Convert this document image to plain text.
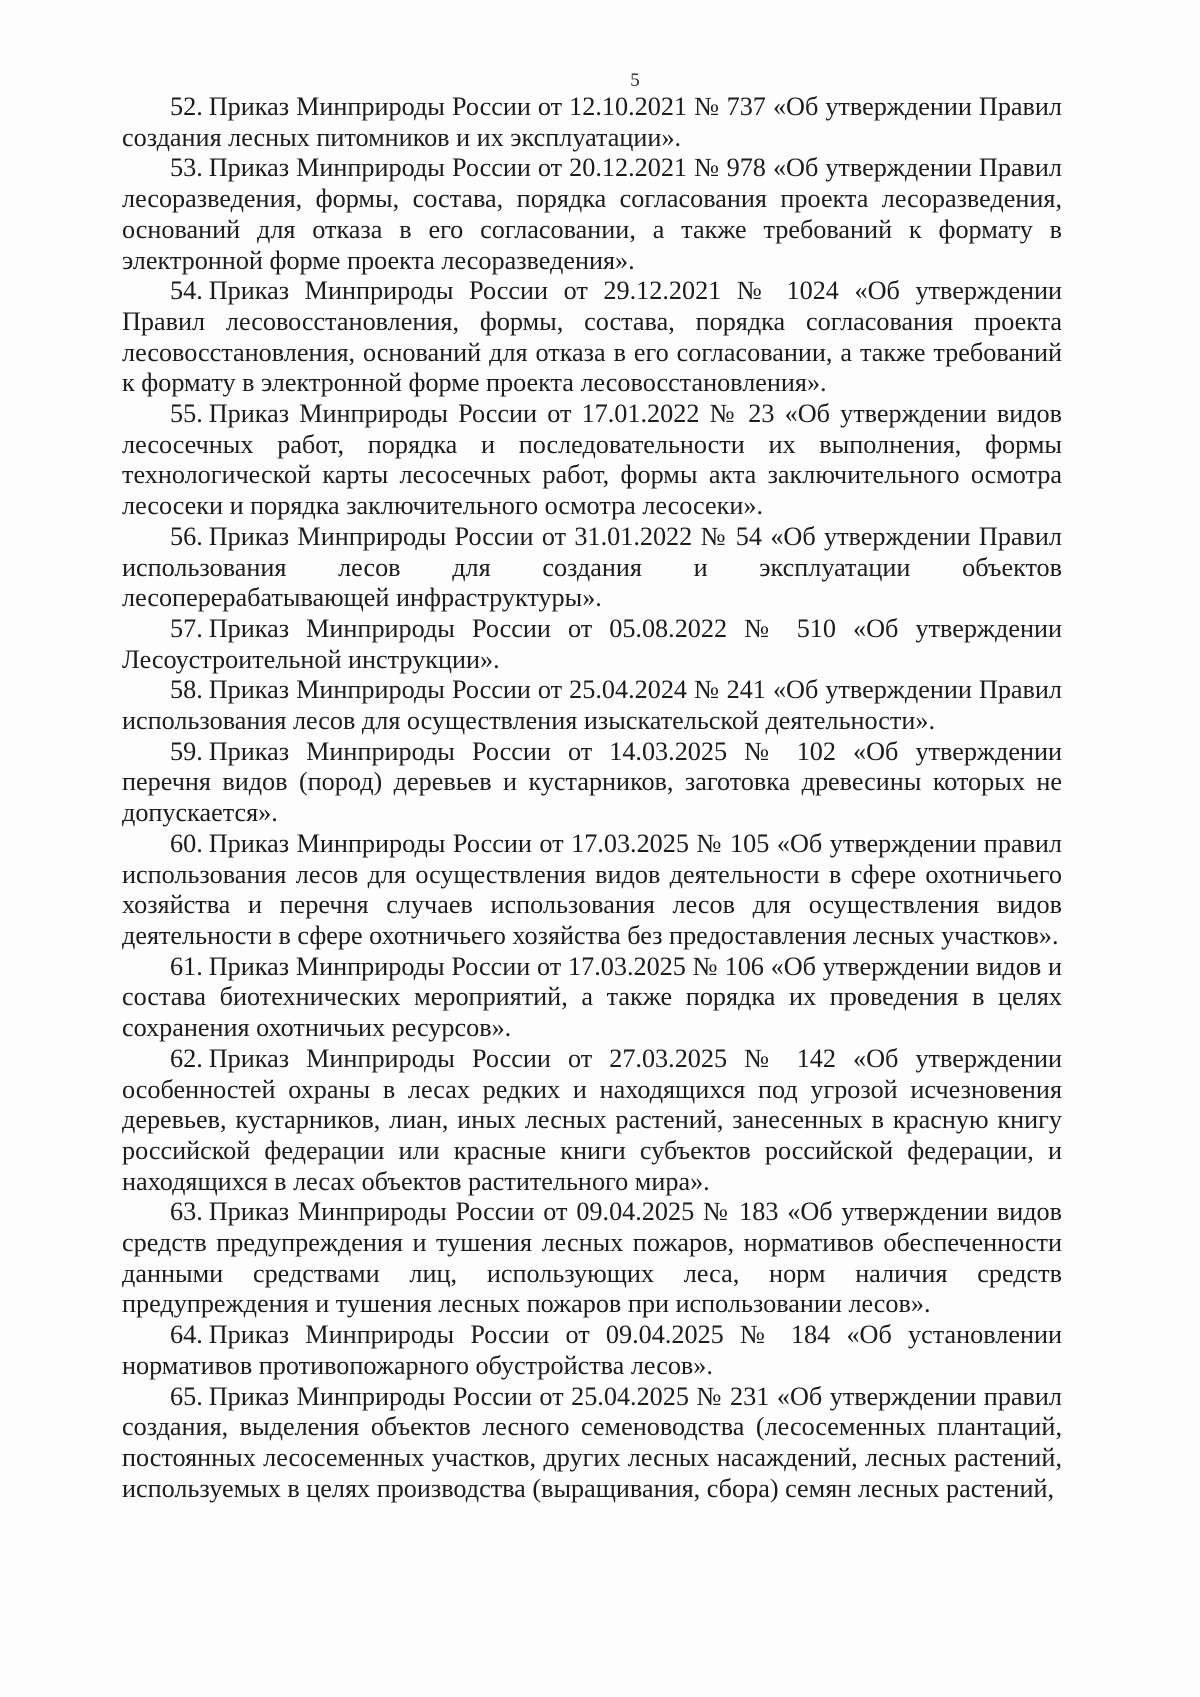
5

52. Приказ Минприроды России от 12.10.2021 № 737 «Об утверждении Правил создания лесных питомников и их эксплуатации».

53. Приказ Минприроды России от 20.12.2021 № 978 «Об утверждении Правил лесоразведения, формы, состава, порядка согласования проекта лесоразведения, оснований для отказа в его согласовании, а также требований к формату в электронной форме проекта лесоразведения».

54. Приказ Минприроды России от 29.12.2021 № 1024 «Об утверждении Правил лесовосстановления, формы, состава, порядка согласования проекта лесовосстановления, оснований для отказа в его согласовании, а также требований к формату в электронной форме проекта лесовосстановления».

55. Приказ Минприроды России от 17.01.2022 № 23 «Об утверждении видов лесосечных работ, порядка и последовательности их выполнения, формы технологической карты лесосечных работ, формы акта заключительного осмотра лесосеки и порядка заключительного осмотра лесосеки».

56. Приказ Минприроды России от 31.01.2022 № 54 «Об утверждении Правил использования лесов для создания и эксплуатации объектов лесоперерабатывающей инфраструктуры».

57. Приказ Минприроды России от 05.08.2022 № 510 «Об утверждении Лесоустроительной инструкции».

58. Приказ Минприроды России от 25.04.2024 № 241 «Об утверждении Правил использования лесов для осуществления изыскательской деятельности».

59. Приказ Минприроды России от 14.03.2025 № 102 «Об утверждении перечня видов (пород) деревьев и кустарников, заготовка древесины которых не допускается».

60. Приказ Минприроды России от 17.03.2025 № 105 «Об утверждении правил использования лесов для осуществления видов деятельности в сфере охотничьего хозяйства и перечня случаев использования лесов для осуществления видов деятельности в сфере охотничьего хозяйства без предоставления лесных участков».

61. Приказ Минприроды России от 17.03.2025 № 106 «Об утверждении видов и состава биотехнических мероприятий, а также порядка их проведения в целях сохранения охотничьих ресурсов».

62. Приказ Минприроды России от 27.03.2025 № 142 «Об утверждении особенностей охраны в лесах редких и находящихся под угрозой исчезновения деревьев, кустарников, лиан, иных лесных растений, занесенных в красную книгу российской федерации или красные книги субъектов российской федерации, и находящихся в лесах объектов растительного мира».

63. Приказ Минприроды России от 09.04.2025 № 183 «Об утверждении видов средств предупреждения и тушения лесных пожаров, нормативов обеспеченности данными средствами лиц, использующих леса, норм наличия средств предупреждения и тушения лесных пожаров при использовании лесов».

64. Приказ Минприроды России от 09.04.2025 № 184 «Об установлении нормативов противопожарного обустройства лесов».

65. Приказ Минприроды России от 25.04.2025 № 231 «Об утверждении правил создания, выделения объектов лесного семеноводства (лесосеменных плантаций, постоянных лесосеменных участков, других лесных насаждений, лесных растений, используемых в целях производства (выращивания, сбора) семян лесных растений,
